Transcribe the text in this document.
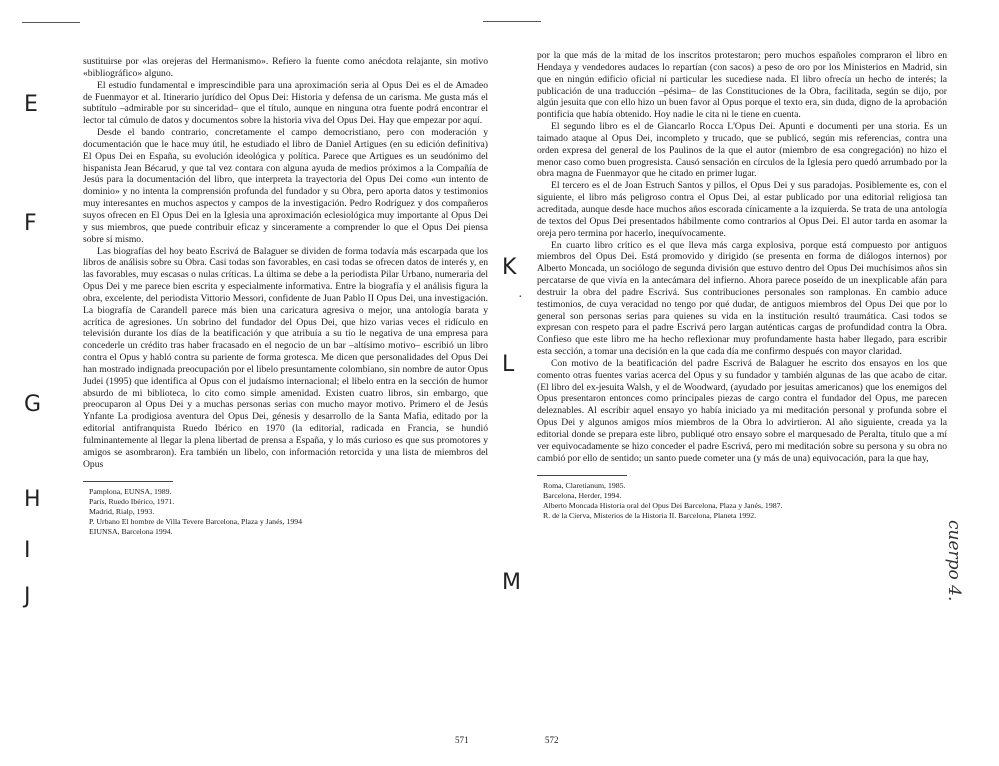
E
F
G
H
I
J
K
L
M
·
cuerpo 4.

sustituirse por «las orejeras del Hermanismo». Refiero la fuente como anécdota relajante, sin motivo «bibliográfico» alguno.

El estudio fundamental e imprescindible para una aproximación seria al Opus Dei es el de Amadeo de Fuenmayor et al. Itinerario jurídico del Opus Dei: Historia y defensa de un carisma. Me gusta más el subtítulo –admirable por su sinceridad– que el título, aunque en ninguna otra fuente podrá encontrar el lector tal cúmulo de datos y documentos sobre la historia viva del Opus Dei. Hay que empezar por aquí.

Desde el bando contrario, concretamente el campo democristiano, pero con moderación y documentación que le hace muy útil, he estudiado el libro de Daniel Artigues (en su edición definitiva) El Opus Dei en España, su evolución ideológica y política. Parece que Artigues es un seudónimo del hispanista Jean Bécarud, y que tal vez contara con alguna ayuda de medios próximos a la Compañía de Jesús para la documentación del libro, que interpreta la trayectoria del Opus Dei como «un intento de dominio» y no intenta la comprensión profunda del fundador y su Obra, pero aporta datos y testimonios muy interesantes en muchos aspectos y campos de la investigación. Pedro Rodríguez y dos compañeros suyos ofrecen en El Opus Dei en la Iglesia una aproximación eclesiológica muy importante al Opus Dei y sus miembros, que puede contribuir eficaz y sinceramente a comprender lo que el Opus Dei piensa sobre sí mismo.

Las biografías del hoy beato Escrivá de Balaguer se dividen de forma todavía más escarpada que los libros de análisis sobre su Obra. Casi todas son favorables, en casi todas se ofrecen datos de interés y, en las favorables, muy escasas o nulas críticas. La última se debe a la periodista Pilar Urbano, numeraria del Opus Dei y me parece bien escrita y especialmente informativa. Entre la biografía y el análisis figura la obra, excelente, del periodista Vittorio Messori, confidente de Juan Pablo II Opus Dei, una investigación. La biografía de Carandell parece más bien una caricatura agresiva o mejor, una antología barata y acrítica de agresiones. Un sobrino del fundador del Opus Dei, que hizo varias veces el ridículo en televisión durante los días de la beatificación y que atribuía a su tío le negativa de una empresa para concederle un crédito tras haber fracasado en el negocio de un bar –altísimo motivo– escribió un libro contra el Opus y habló contra su pariente de forma grotesca. Me dicen que personalidades del Opus Dei han mostrado indignada preocupación por el libelo presuntamente colombiano, sin nombre de autor Opus Judei (1995) que identifica al Opus con el judaísmo internacional; el libelo entra en la sección de humor absurdo de mi biblioteca, lo cito como simple amenidad. Existen cuatro libros, sin embargo, que preocuparon al Opus Dei y a muchas personas serias con mucho mayor motivo. Primero el de Jesús Ynfante La prodigiosa aventura del Opus Dei, génesis y desarrollo de la Santa Mafia, editado por la editorial antifranquista Ruedo Ibérico en 1970 (la editorial, radicada en Francia, se hundió fulminantemente al llegar la plena libertad de prensa a España, y lo más curioso es que sus promotores y amigos se asombraron). Era también un libelo, con información retorcida y una lista de miembros del Opus

Pamplona, EUNSA, 1989.

París, Ruedo Ibérico, 1971.

Madrid, Rialp, 1993.

P. Urbano El hombre de Villa Tevere Barcelona, Plaza y Janés, 1994

EIUNSA, Barcelona 1994.

571

por la que más de la mitad de los inscritos protestaron; pero muchos españoles compraron el libro en Hendaya y vendedores audaces lo repartían (con sacos) a peso de oro por los Ministerios en Madrid, sin que en ningún edificio oficial ni particular les sucediese nada. El libro ofrecía un hecho de interés; la publicación de una traducción –pésima– de las Constituciones de la Obra, facilitada, según se dijo, por algún jesuita que con ello hizo un buen favor al Opus porque el texto era, sin duda, digno de la aprobación pontificia que había obtenido. Hoy nadie le cita ni le tiene en cuenta.

El segundo libro es el de Giancarlo Rocca L'Opus Dei. Apunti e documenti per una storia. Es un taimado ataque al Opus Dei, incompleto y trucado, que se publicó, según mis referencias, contra una orden expresa del general de los Paulinos de la que el autor (miembro de esa congregación) no hizo el menor caso como buen progresista. Causó sensación en círculos de la Iglesia pero quedó arrumbado por la obra magna de Fuenmayor que he citado en primer lugar.

El tercero es el de Joan Estruch Santos y pillos, el Opus Dei y sus paradojas. Posiblemente es, con el siguiente, el libro más peligroso contra el Opus Dei, al estar publicado por una editorial religiosa tan acreditada, aunque desde hace muchos años escorada cínicamente a la izquierda. Se trata de una antología de textos del Opus Dei presentados hábilmente como contrarios al Opus Dei. El autor tarda en asomar la oreja pero termina por hacerlo, inequívocamente.

En cuarto libro crítico es el que lleva más carga explosiva, porque está compuesto por antiguos miembros del Opus Dei. Está promovido y dirigido (se presenta en forma de diálogos internos) por Alberto Moncada, un sociólogo de segunda división que estuvo dentro del Opus Dei muchísimos años sin percatarse de que vivía en la antecámara del infierno. Ahora parece poseído de un inexplicable afán para destruir la obra del padre Escrivá. Sus contribuciones personales son ramplonas. En cambio aduce testimonios, de cuya veracidad no tengo por qué dudar, de antiguos miembros del Opus Dei que por lo general son personas serias para quienes su vida en la institución resultó traumática. Casi todos se expresan con respeto para el padre Escrivá pero largan auténticas cargas de profundidad contra la Obra. Confieso que este libro me ha hecho reflexionar muy profundamente hasta haber llegado, para escribir esta sección, a tomar una decisión en la que cada día me confirmo después con mayor claridad.

Con motivo de la beatificación del padre Escrivá de Balaguer he escrito dos ensayos en los que comento otras fuentes varias acerca del Opus y su fundador y también algunas de las que acabo de citar. (El libro del ex-jesuita Walsh, y el de Woodward, (ayudado por jesuitas americanos) que los enemigos del Opus presentaron entonces como principales piezas de cargo contra el fundador del Opus, me parecen deleznables. Al escribir aquel ensayo yo había iniciado ya mi meditación personal y profunda sobre el Opus Dei y algunos amigos míos miembros de la Obra lo advirtieron. Al año siguiente, creada ya la editorial donde se prepara este libro, publiqué otro ensayo sobre el marquesado de Peralta, título que a mí ver equivocadamente se hizo conceder el padre Escrivá, pero mi meditación sobre su persona y su obra no cambió por ello de sentido; un santo puede cometer una (y más de una) equivocación, para la que hay,

Roma, Claretianum, 1985.

Barcelona, Herder, 1994.

Alberto Moncada Historia oral del Opus Dei Barcelona, Plaza y Janés, 1987.

R. de la Cierva, Misterios de la Historia II. Barcelona, Planeta 1992.

572
